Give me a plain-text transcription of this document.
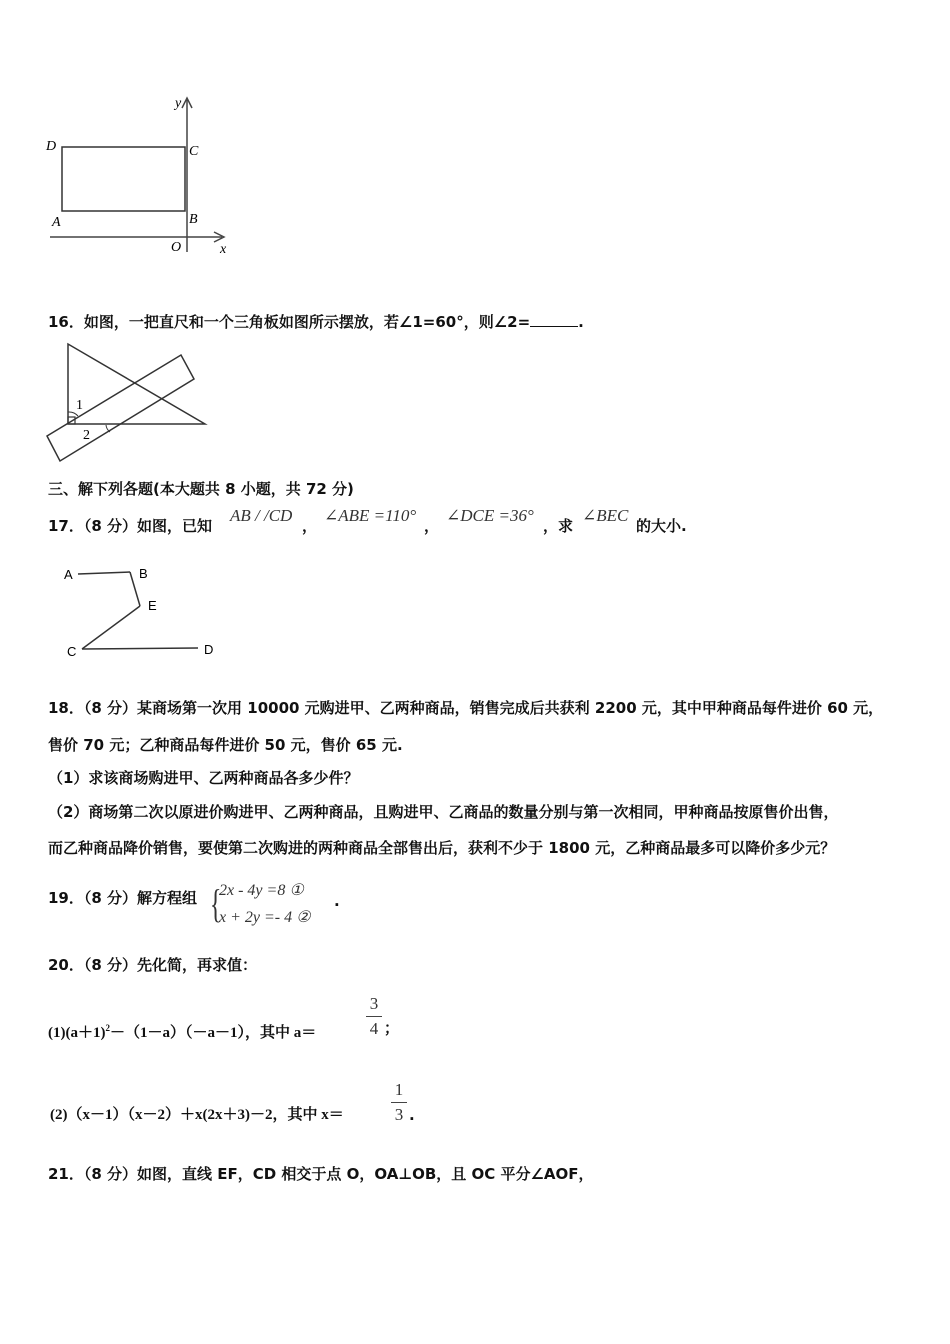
y
x
D	C
A	B
O
16．如图，一把直尺和一个三角板如图所示摆放，若∠1=60°，则∠2=	.
1
2
三、解下列各题(本大题共 8 小题，共 72 分)
17．（8 分）如图，已知
AB / /CD
，
∠ABE =110°
，
∠DCE =36°
，求
∠BEC
的大小.
A	B
E
C	D
18．（8 分）某商场第一次用 10000 元购进甲、乙两种商品，销售完成后共获利 2200 元，其中甲种商品每件进价 60 元，
售价 70 元；乙种商品每件进价 50 元，售价 65 元.
（1）求该商场购进甲、乙两种商品各多少件？
（2）商场第二次以原进价购进甲、乙两种商品，且购进甲、乙商品的数量分别与第一次相同，甲种商品按原售价出售，
而乙种商品降价销售，要使第二次购进的两种商品全部售出后，获利不少于 1800 元，乙种商品最多可以降价多少元？
19．（8 分）解方程组 {
2x - 4y =8 ①
x + 2y =- 4 ②
.
20．（8 分）先化简，再求值：
$(1)(a+1)^2-(1-a)(-a-1)$，其中 a＝
3
4 ；
(2)（x－1）（x－2）＋x(2x＋3)－2，其中 x＝
1
3 .
21．（8 分）如图，直线 EF，CD 相交于点 O，OA⊥OB，且 OC 平分∠AOF，
